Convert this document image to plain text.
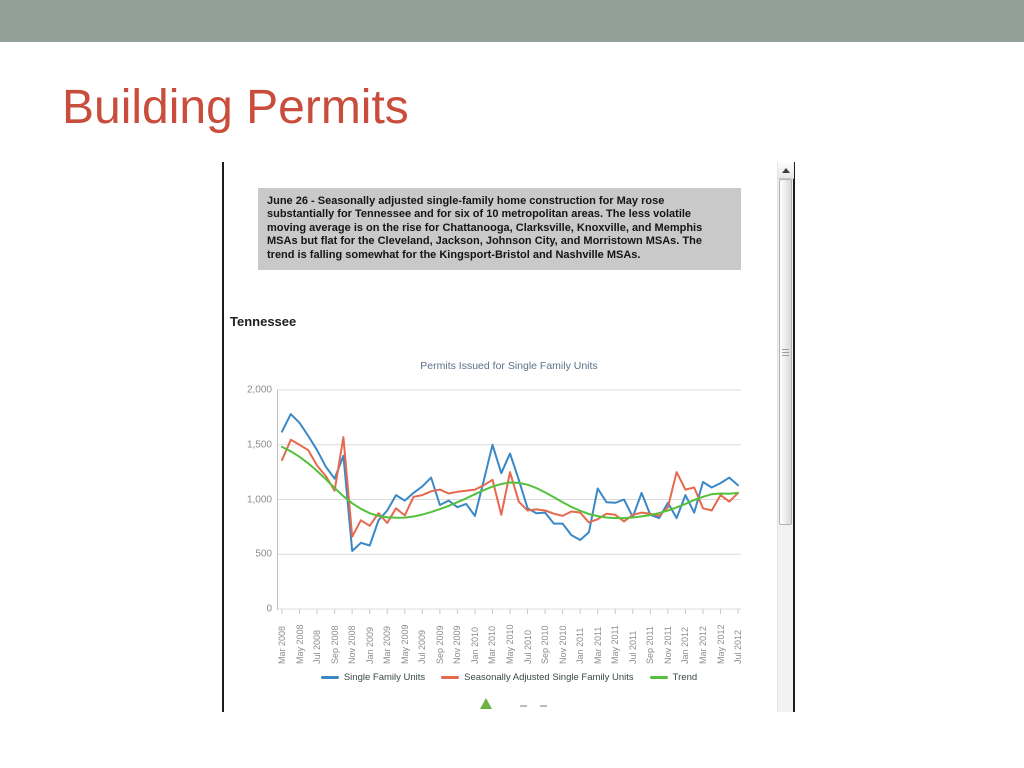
Building Permits
June 26 - Seasonally adjusted single-family home construction for May rose substantially for Tennessee and for six of 10 metropolitan areas. The less volatile moving average is on the rise for Chattanooga, Clarksville, Knoxville, and Memphis MSAs but flat for the Cleveland, Jackson, Johnson City, and Morristown MSAs. The trend is falling somewhat for the Kingsport-Bristol and Nashville MSAs.
Tennessee
Permits Issued for Single Family Units
Single Family Units	Seasonally Adjusted Single Family Units	Trend
0
500
1,000
1,500
2,000
Mar 2008 May 2008 Jul 2008 Sep 2008 Nov 2008 Jan 2009 Mar 2009 May 2009 Jul 2009 Sep 2009 Nov 2009 Jan 2010 Mar 2010 May 2010 Jul 2010 Sep 2010 Nov 2010 Jan 2011 Mar 2011 May 2011 Jul 2011 Sep 2011 Nov 2011 Jan 2012 Mar 2012 May 2012 Jul 2012
